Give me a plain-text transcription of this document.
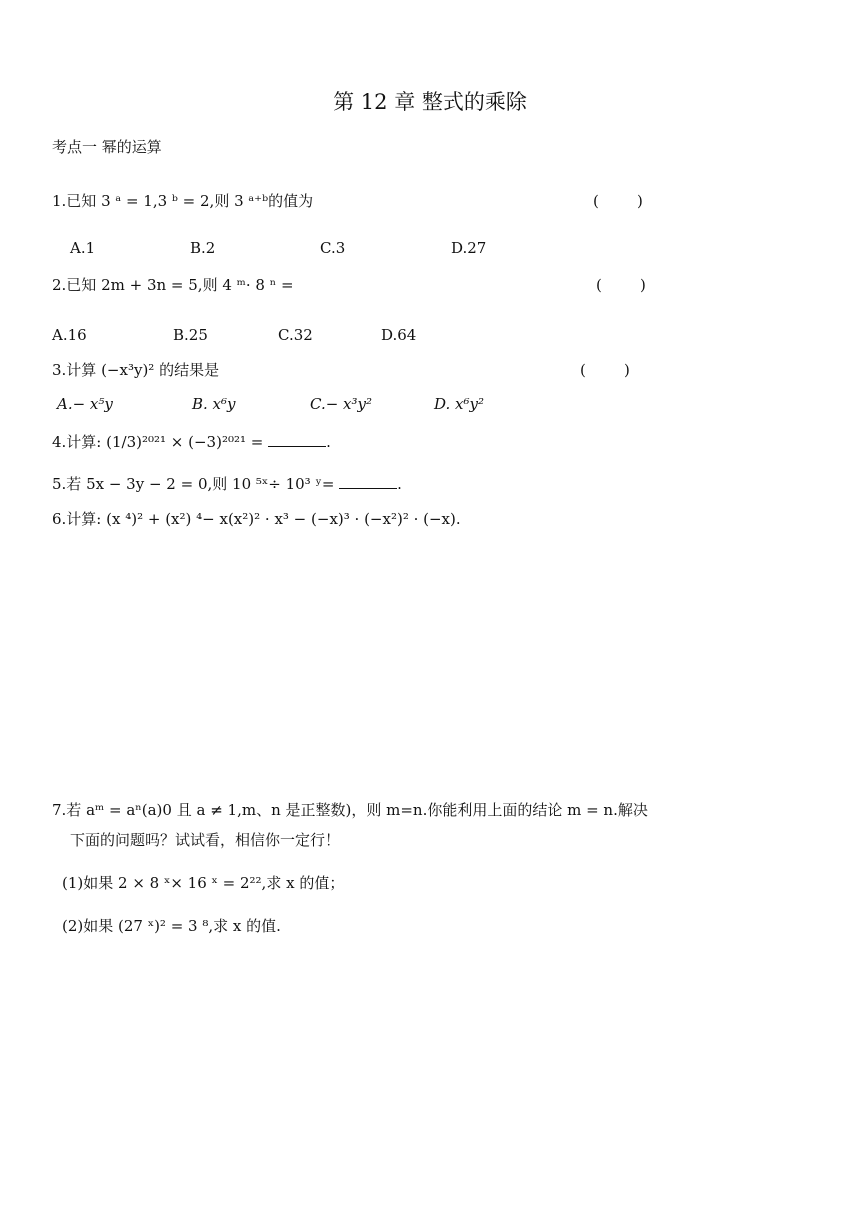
第 12 章 整式的乘除
考点一 幂的运算
1.已知 3 ᵃ = 1,3 ᵇ = 2,则 3 ᵃ⁺ᵇ的值为	(        )
A.1	B.2	C.3	D.27
2.已知 2m + 3n = 5,则 4 ᵐ· 8 ⁿ =	(        )
A.16	B.25	C.32	D.64
3.计算 (−x³y)² 的结果是	(        )
A.− x⁵y	B. x⁶y	C.− x³y²	D. x⁶y²
4.计算: (1/3)²⁰²¹ × (−3)²⁰²¹ =	.
5.若 5x − 3y − 2 = 0,则 10 ⁵ˣ÷ 10³ ʸ=	.
6.计算: (x ⁴)² + (x²) ⁴− x(x²)² · x³ − (−x)³ · (−x²)² · (−x).
7.若 aᵐ = aⁿ(a)0 且 a ≠ 1,m、n 是正整数)，则 m=n.你能利用上面的结论 m = n.解决
下面的问题吗？试试看，相信你一定行！
(1)如果 2 × 8 ˣ× 16 ˣ = 2²²,求 x 的值；
(2)如果 (27 ˣ)² = 3 ⁸,求 x 的值.
